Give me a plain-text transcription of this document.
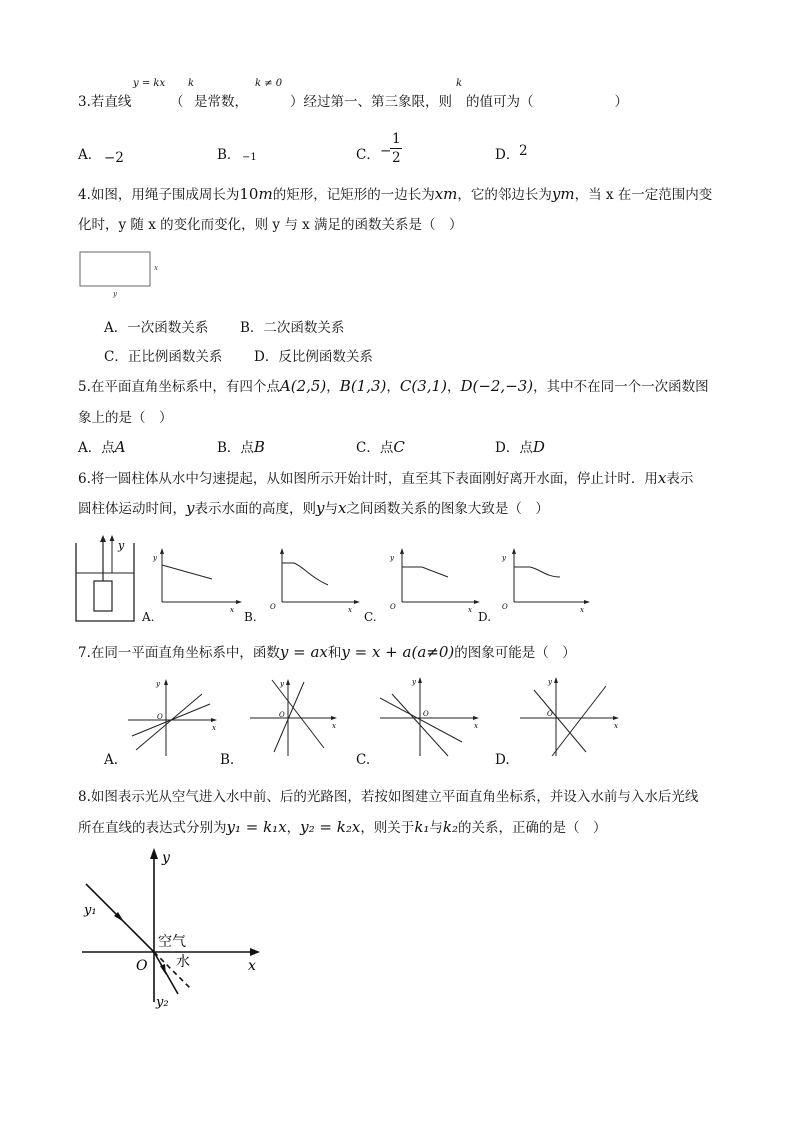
3.若直线
y = kx
（
k
是常数，
k ≠ 0
）经过第一、第三象限，则
k
的值可为（　　　　　　）
A． −2	B． −1	C． −
1
2	D． 2
4.如图，用绳子围成周长为10m的矩形，记矩形的一边长为xm，它的邻边长为ym，当 x 在一定范围内变
化时，y 随 x 的变化而变化，则 y 与 x 满足的函数关系是（　）
x
y
A．一次函数关系 B．二次函数关系
C．正比例函数关系 D．反比例函数关系
5.在平面直角坐标系中，有四个点A(2,5)，B(1,3)，C(3,1)，D(−2,−3)，其中不在同一个一次函数图
象上的是（　）
A．点A	B．点B	C．点C	D．点D
6.将一圆柱体从水中匀速提起，从如图所示开始计时，直至其下表面刚好离开水面，停止计时．用x表示
圆柱体运动时间，y表示水面的高度，则y与x之间函数关系的图象大致是（　）
y
A.
y
x B.
O	x C.
y
O	x D.
y
O	x
7.在同一平面直角坐标系中，函数y = ax和y = x + a(a≠0)的图象可能是（　）
y
O
x
A.
y
O
x
B.
y
O
x
C.
y
O
x
D.
8.如图表示光从空气进入水中前、后的光路图，若按如图建立平面直角坐标系，并设入水前与入水后光线
所在直线的表达式分别为y₁ = k₁x，y₂ = k₂x，则关于k₁与k₂的关系，正确的是（　）
y
x
O
空气
水
y₁
y₂
